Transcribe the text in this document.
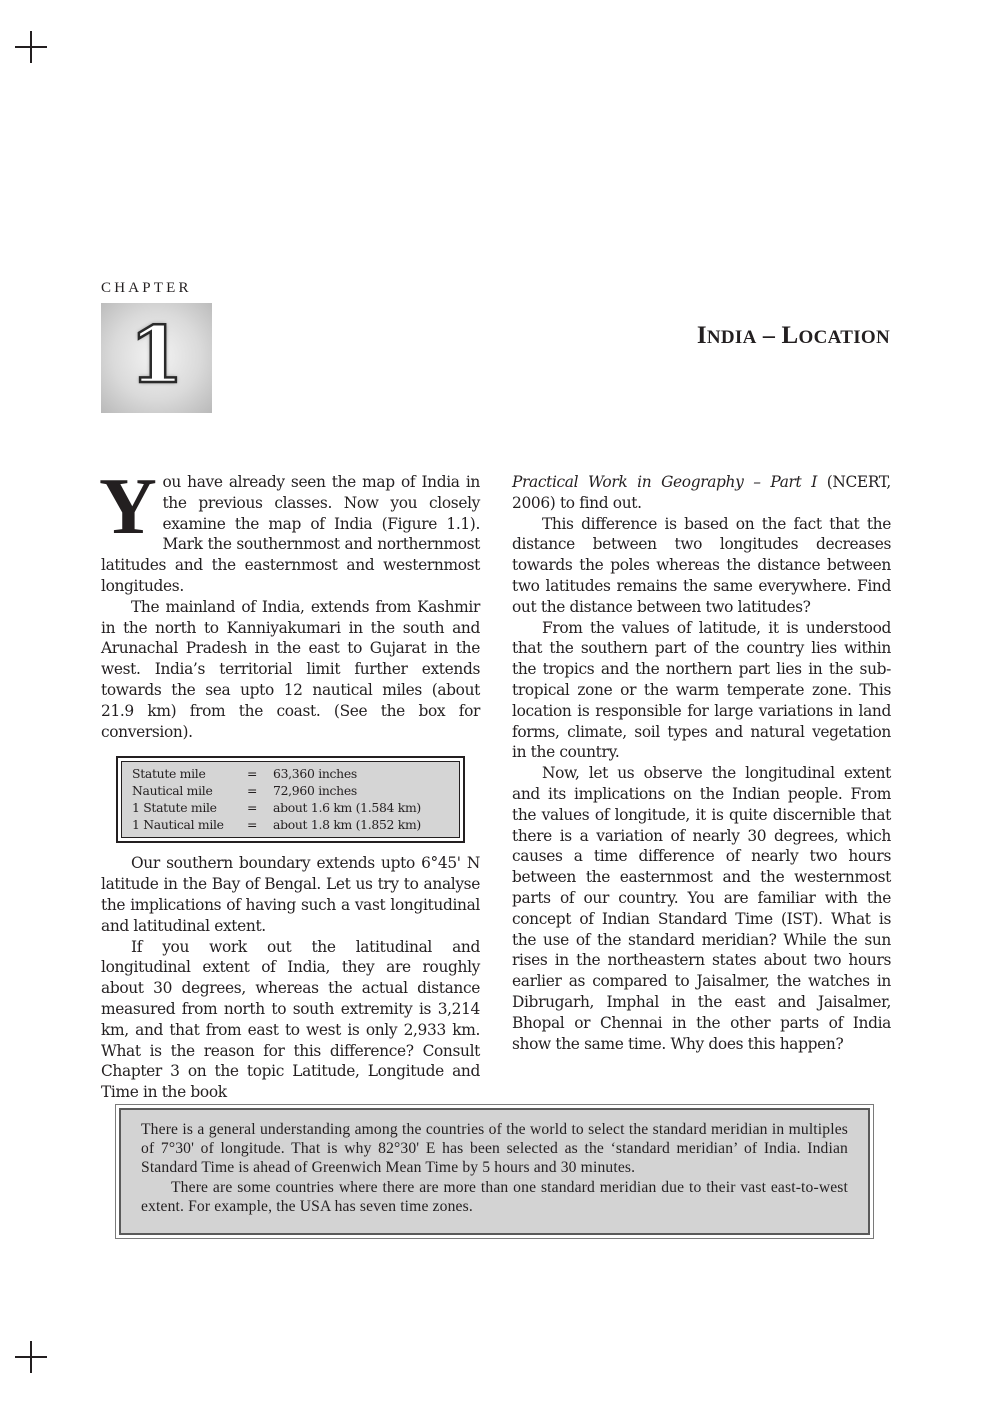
CHAPTER
1	INDIA – LOCATION

You have already seen the map of India in the previous classes. Now you closely examine the map of India (Figure 1.1). Mark the southernmost and northernmost latitudes and the easternmost and westernmost longitudes.

The mainland of India, extends from Kashmir in the north to Kanniyakumari in the south and Arunachal Pradesh in the east to Gujarat in the west. India’s territorial limit further extends towards the sea upto 12 nautical miles (about 21.9 km) from the coast. (See the box for conversion).

Statute mile	=	63,360 inches
Nautical mile	=	72,960 inches
1 Statute mile	=	about 1.6 km (1.584 km)
1 Nautical mile	=	about 1.8 km (1.852 km)

Our southern boundary extends upto 6°45' N latitude in the Bay of Bengal. Let us try to analyse the implications of having such a vast longitudinal and latitudinal extent.

If you work out the latitudinal and longitudinal extent of India, they are roughly about 30 degrees, whereas the actual distance measured from north to south extremity is 3,214 km, and that from east to west is only 2,933 km. What is the reason for this difference? Consult Chapter 3 on the topic Latitude, Longitude and Time in the book

Practical Work in Geography – Part I (NCERT, 2006) to find out.

This difference is based on the fact that the distance between two longitudes decreases towards the poles whereas the distance between two latitudes remains the same everywhere. Find out the distance between two latitudes?

From the values of latitude, it is understood that the southern part of the country lies within the tropics and the northern part lies in the sub-tropical zone or the warm temperate zone. This location is responsible for large variations in land forms, climate, soil types and natural vegetation in the country.

Now, let us observe the longitudinal extent and its implications on the Indian people. From the values of longitude, it is quite discernible that there is a variation of nearly 30 degrees, which causes a time difference of nearly two hours between the easternmost and the westernmost parts of our country. You are familiar with the concept of Indian Standard Time (IST). What is the use of the standard meridian? While the sun rises in the northeastern states about two hours earlier as compared to Jaisalmer, the watches in Dibrugarh, Imphal in the east and Jaisalmer, Bhopal or Chennai in the other parts of India show the same time. Why does this happen?

There is a general understanding among the countries of the world to select the standard meridian in multiples of 7°30' of longitude. That is why 82°30' E has been selected as the ‘standard meridian’ of India. Indian Standard Time is ahead of Greenwich Mean Time by 5 hours and 30 minutes.

There are some countries where there are more than one standard meridian due to their vast east-to-west extent. For example, the USA has seven time zones.
